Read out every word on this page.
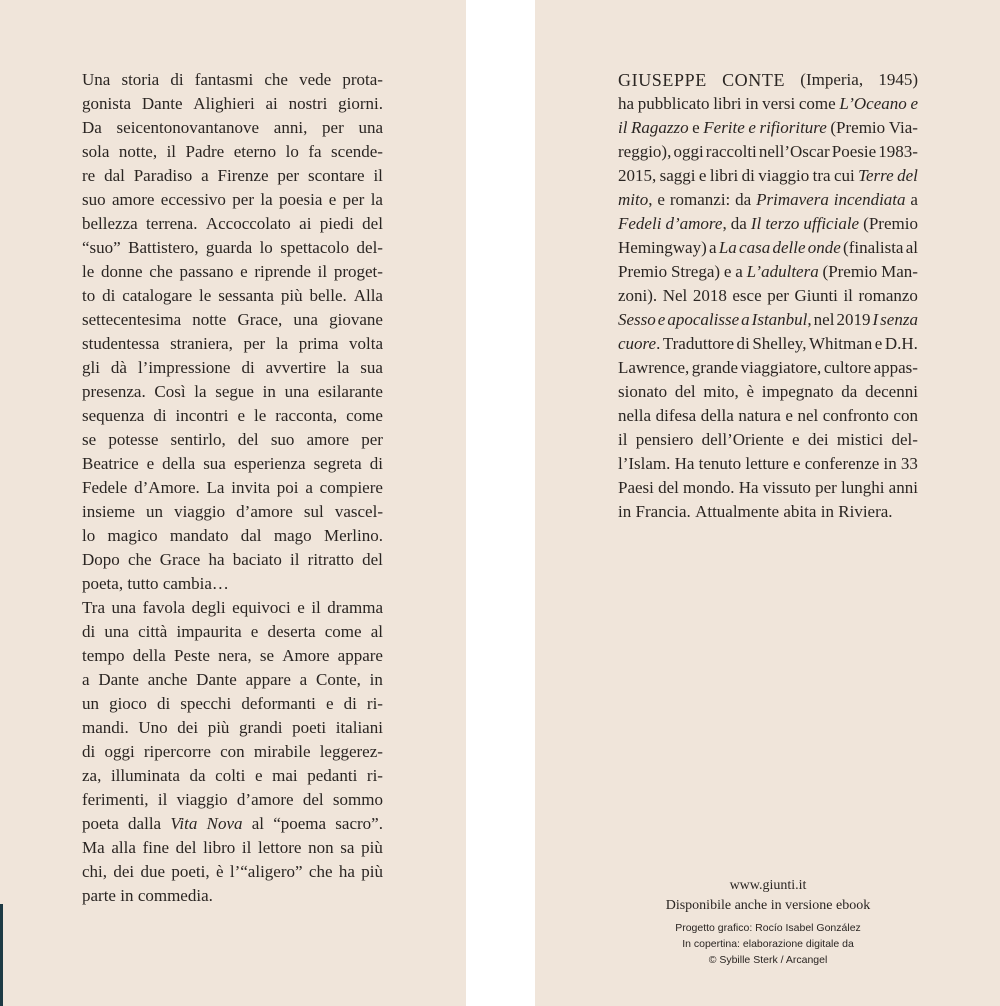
Una storia di fantasmi che vede prota-
gonista Dante Alighieri ai nostri giorni.
Da seicentonovantanove anni, per una
sola notte, il Padre eterno lo fa scende-
re dal Paradiso a Firenze per scontare il
suo amore eccessivo per la poesia e per la
bellezza terrena. Accoccolato ai piedi del
“suo” Battistero, guarda lo spettacolo del-
le donne che passano e riprende il proget-
to di catalogare le sessanta più belle. Alla
settecentesima notte Grace, una giovane
studentessa straniera, per la prima volta
gli dà l’impressione di avvertire la sua
presenza. Così la segue in una esilarante
sequenza di incontri e le racconta, come
se potesse sentirlo, del suo amore per
Beatrice e della sua esperienza segreta di
Fedele d’Amore. La invita poi a compiere
insieme un viaggio d’amore sul vascel-
lo magico mandato dal mago Merlino.
Dopo che Grace ha baciato il ritratto del
poeta, tutto cambia…
Tra una favola degli equivoci e il dramma
di una città impaurita e deserta come al
tempo della Peste nera, se Amore appare
a Dante anche Dante appare a Conte, in
un gioco di specchi deformanti e di ri-
mandi. Uno dei più grandi poeti italiani
di oggi ripercorre con mirabile leggerez-
za, illuminata da colti e mai pedanti ri-
ferimenti, il viaggio d’amore del sommo
poeta dalla Vita Nova al “poema sacro”.
Ma alla fine del libro il lettore non sa più
chi, dei due poeti, è l’“aligero” che ha più
parte in commedia.
GIUSEPPE CONTE (Imperia, 1945)
ha pubblicato libri in versi come L’Oceano e
il Ragazzo e Ferite e rifioriture (Premio Via-
reggio), oggi raccolti nell’Oscar Poesie 1983-
2015, saggi e libri di viaggio tra cui Terre del
mito, e romanzi: da Primavera incendiata a
Fedeli d’amore, da Il terzo ufficiale (Premio
Hemingway) a La casa delle onde (finalista al
Premio Strega) e a L’adultera (Premio Man-
zoni). Nel 2018 esce per Giunti il romanzo
Sesso e apocalisse a Istanbul, nel 2019 I senza
cuore. Traduttore di Shelley, Whitman e D.H.
Lawrence, grande viaggiatore, cultore appas-
sionato del mito, è impegnato da decenni
nella difesa della natura e nel confronto con
il pensiero dell’Oriente e dei mistici del-
l’Islam. Ha tenuto letture e conferenze in 33
Paesi del mondo. Ha vissuto per lunghi anni
in Francia. Attualmente abita in Riviera.
www.giunti.it
Disponibile anche in versione ebook
Progetto grafico: Rocío Isabel González
In copertina: elaborazione digitale da
© Sybille Sterk / Arcangel
